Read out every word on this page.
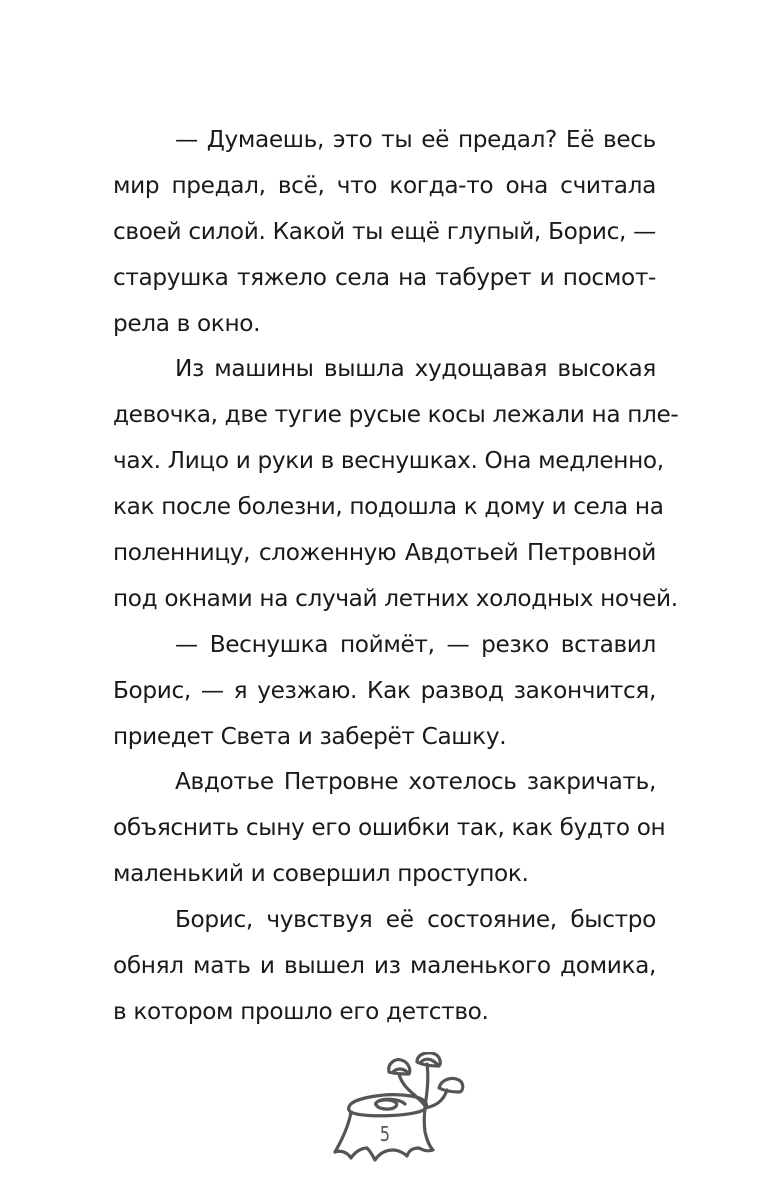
— Думаешь, это ты её предал? Её весь
мир предал, всё, что когда-то она считала
своей силой. Какой ты ещё глупый, Борис, —
старушка тяжело села на табурет и посмот-
рела в окно.
Из машины вышла худощавая высокая
девочка, две тугие русые косы лежали на пле-
чах. Лицо и руки в веснушках. Она медленно,
как после болезни, подошла к дому и села на
поленницу, сложенную Авдотьей Петровной
под окнами на случай летних холодных ночей.
— Веснушка поймёт, — резко вставил
Борис, — я уезжаю. Как развод закончится,
приедет Света и заберёт Сашку.
Авдотье Петровне хотелось закричать,
объяснить сыну его ошибки так, как будто он
маленький и совершил проступок.
Борис, чувствуя её состояние, быстро
обнял мать и вышел из маленького домика,
в котором прошло его детство.
5
